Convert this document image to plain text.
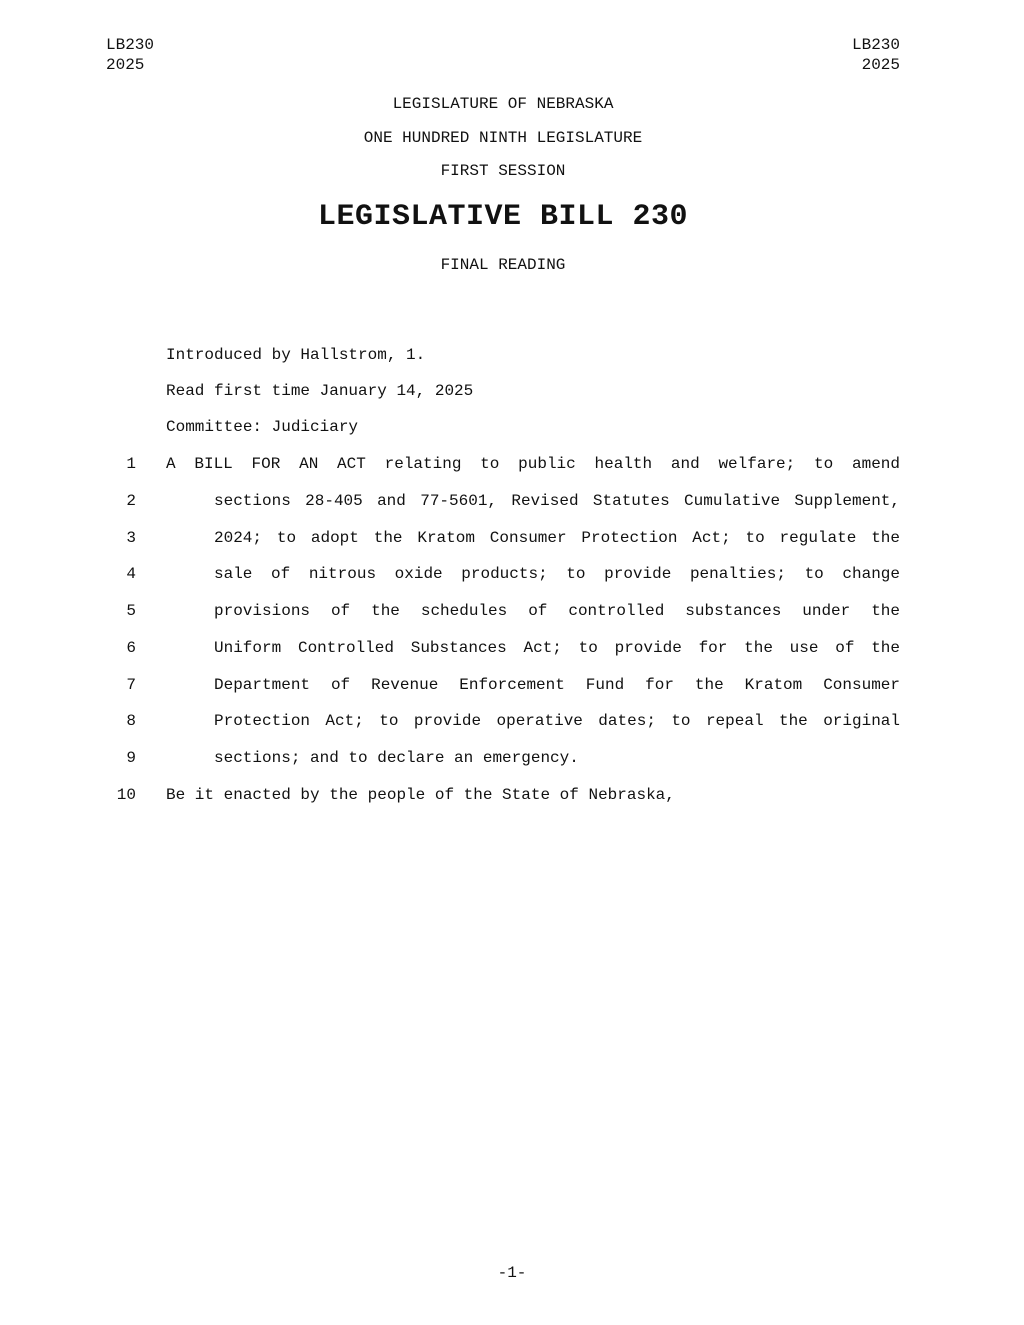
LB230
2025
LB230
2025
LEGISLATURE OF NEBRASKA
ONE HUNDRED NINTH LEGISLATURE
FIRST SESSION
LEGISLATIVE BILL 230
FINAL READING
Introduced by Hallstrom, 1.
Read first time January 14, 2025
Committee: Judiciary
1 A BILL FOR AN ACT relating to public health and welfare; to amend
2	sections 28-405 and 77-5601, Revised Statutes Cumulative Supplement,
3	2024; to adopt the Kratom Consumer Protection Act; to regulate the
4	sale of nitrous oxide products; to provide penalties; to change
5	provisions of the schedules of controlled substances under the
6	Uniform Controlled Substances Act; to provide for the use of the
7	Department of Revenue Enforcement Fund for the Kratom Consumer
8	Protection Act; to provide operative dates; to repeal the original
9	sections; and to declare an emergency.
10 Be it enacted by the people of the State of Nebraska,
-1-
